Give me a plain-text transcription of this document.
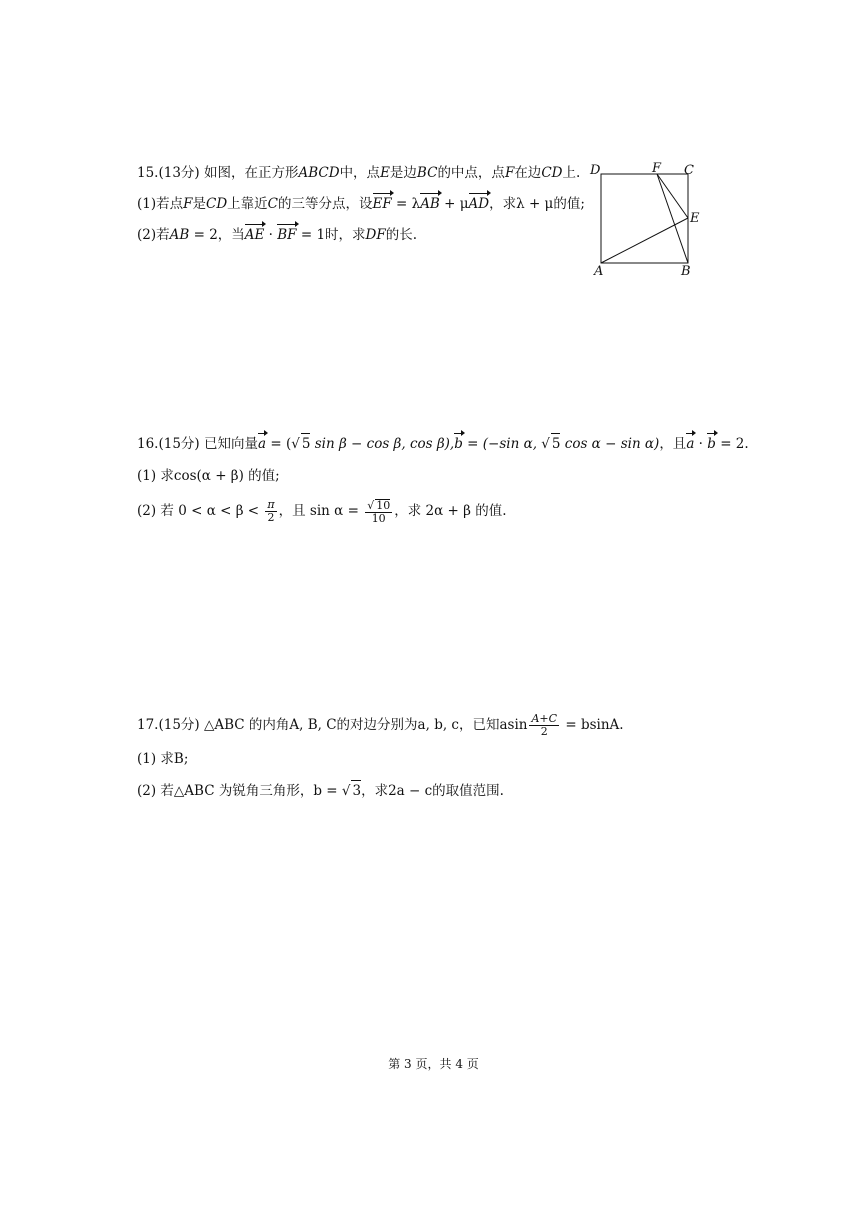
15.(13分) 如图，在正方形ABCD中，点E是边BC的中点，点F在边CD上.
(1)若点F是CD上靠近C的三等分点，设EF = λAB + μAD，求λ + μ的值;
(2)若AB = 2，当AE · BF = 1时，求DF的长.
D	F C
E
A	B
16.(15分) 已知向量a = (√ 5 sin β − cos β, cos β),b = (−sin α, √ 5 cos α − sin α)，且a · b = 2.
(1) 求cos(α + β) 的值;
(2) 若 $0 < \alpha < \beta < \frac{\pi}{2}$ ，且 $\sin \alpha = \frac{√ 10}{10}$ ，求 2α + β 的值.
17.(15分) △ABC 的内角A, B, C的对边分别为a, b, c，已知asin $\frac{A+C}{2} = bsinA$.
(1) 求B;
(2) 若△ABC 为锐角三角形，b = √ 3，求2a − c的取值范围.
第 3 页，共 4 页
